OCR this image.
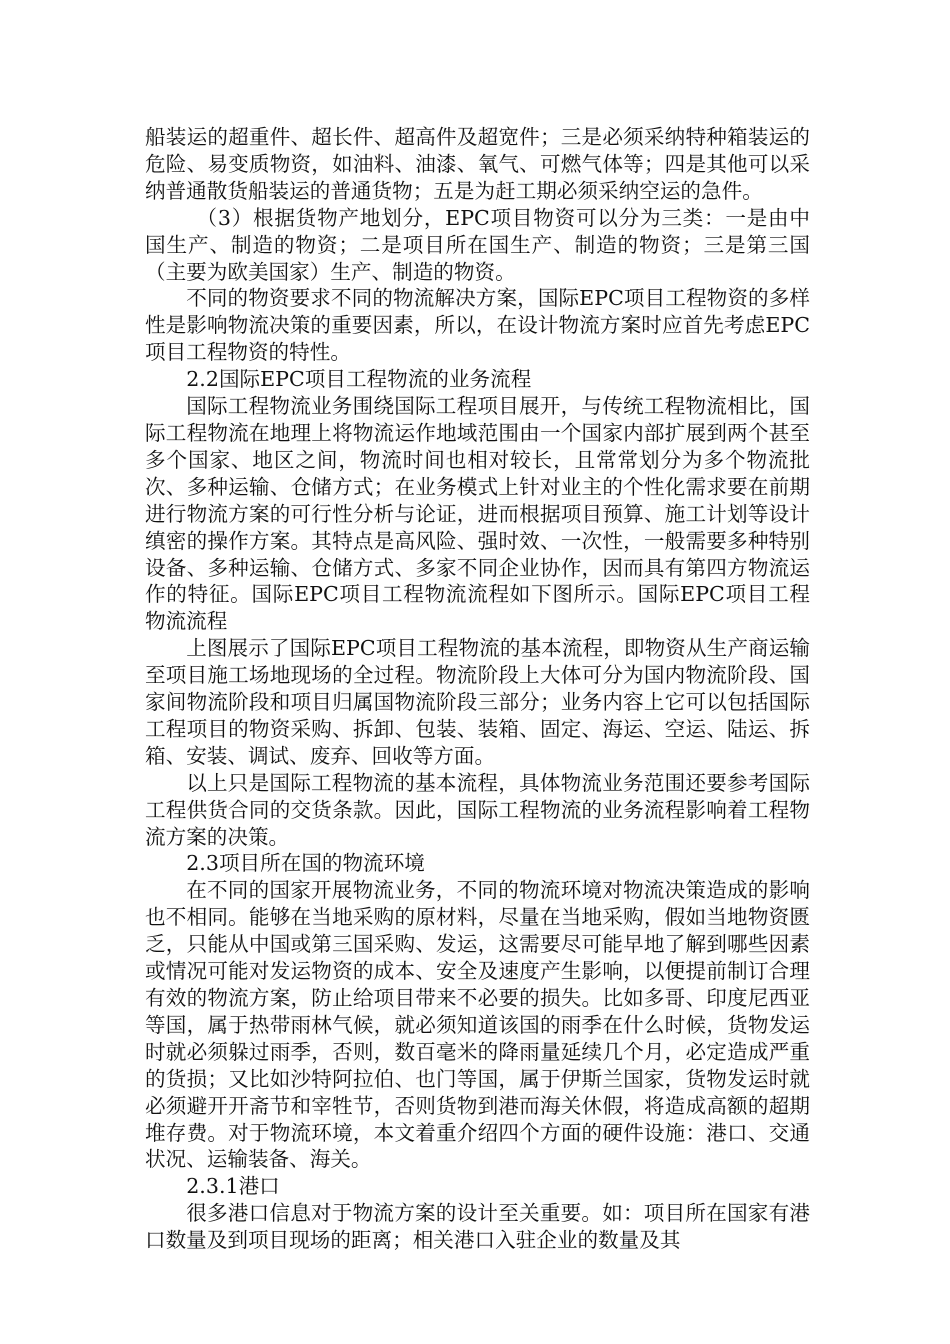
船装运的超重件、超长件、超高件及超宽件；三是必须采纳特种箱装运的危险、易变质物资，如油料、油漆、氧气、可燃气体等；四是其他可以采纳普通散货船装运的普通货物；五是为赶工期必须采纳空运的急件。

（3）根据货物产地划分，EPC项目物资可以分为三类：一是由中国生产、制造的物资；二是项目所在国生产、制造的物资；三是第三国（主要为欧美国家）生产、制造的物资。

不同的物资要求不同的物流解决方案，国际EPC项目工程物资的多样性是影响物流决策的重要因素，所以，在设计物流方案时应首先考虑EPC项目工程物资的特性。

2.2国际EPC项目工程物流的业务流程

国际工程物流业务围绕国际工程项目展开，与传统工程物流相比，国际工程物流在地理上将物流运作地域范围由一个国家内部扩展到两个甚至多个国家、地区之间，物流时间也相对较长，且常常划分为多个物流批次、多种运输、仓储方式；在业务模式上针对业主的个性化需求要在前期进行物流方案的可行性分析与论证，进而根据项目预算、施工计划等设计缜密的操作方案。其特点是高风险、强时效、一次性，一般需要多种特别设备、多种运输、仓储方式、多家不同企业协作，因而具有第四方物流运作的特征。国际EPC项目工程物流流程如下图所示。国际EPC项目工程物流流程

上图展示了国际EPC项目工程物流的基本流程，即物资从生产商运输至项目施工场地现场的全过程。物流阶段上大体可分为国内物流阶段、国家间物流阶段和项目归属国物流阶段三部分；业务内容上它可以包括国际工程项目的物资采购、拆卸、包装、装箱、固定、海运、空运、陆运、拆箱、安装、调试、废弃、回收等方面。

以上只是国际工程物流的基本流程，具体物流业务范围还要参考国际工程供货合同的交货条款。因此，国际工程物流的业务流程影响着工程物流方案的决策。

2.3项目所在国的物流环境

在不同的国家开展物流业务，不同的物流环境对物流决策造成的影响也不相同。能够在当地采购的原材料，尽量在当地采购，假如当地物资匮乏，只能从中国或第三国采购、发运，这需要尽可能早地了解到哪些因素或情况可能对发运物资的成本、安全及速度产生影响，以便提前制订合理有效的物流方案，防止给项目带来不必要的损失。比如多哥、印度尼西亚等国，属于热带雨林气候，就必须知道该国的雨季在什么时候，货物发运时就必须躲过雨季，否则，数百毫米的降雨量延续几个月，必定造成严重的货损；又比如沙特阿拉伯、也门等国，属于伊斯兰国家，货物发运时就必须避开开斋节和宰牲节，否则货物到港而海关休假，将造成高额的超期堆存费。对于物流环境，本文着重介绍四个方面的硬件设施：港口、交通状况、运输装备、海关。

2.3.1港口

很多港口信息对于物流方案的设计至关重要。如：项目所在国家有港口数量及到项目现场的距离；相关港口入驻企业的数量及其
